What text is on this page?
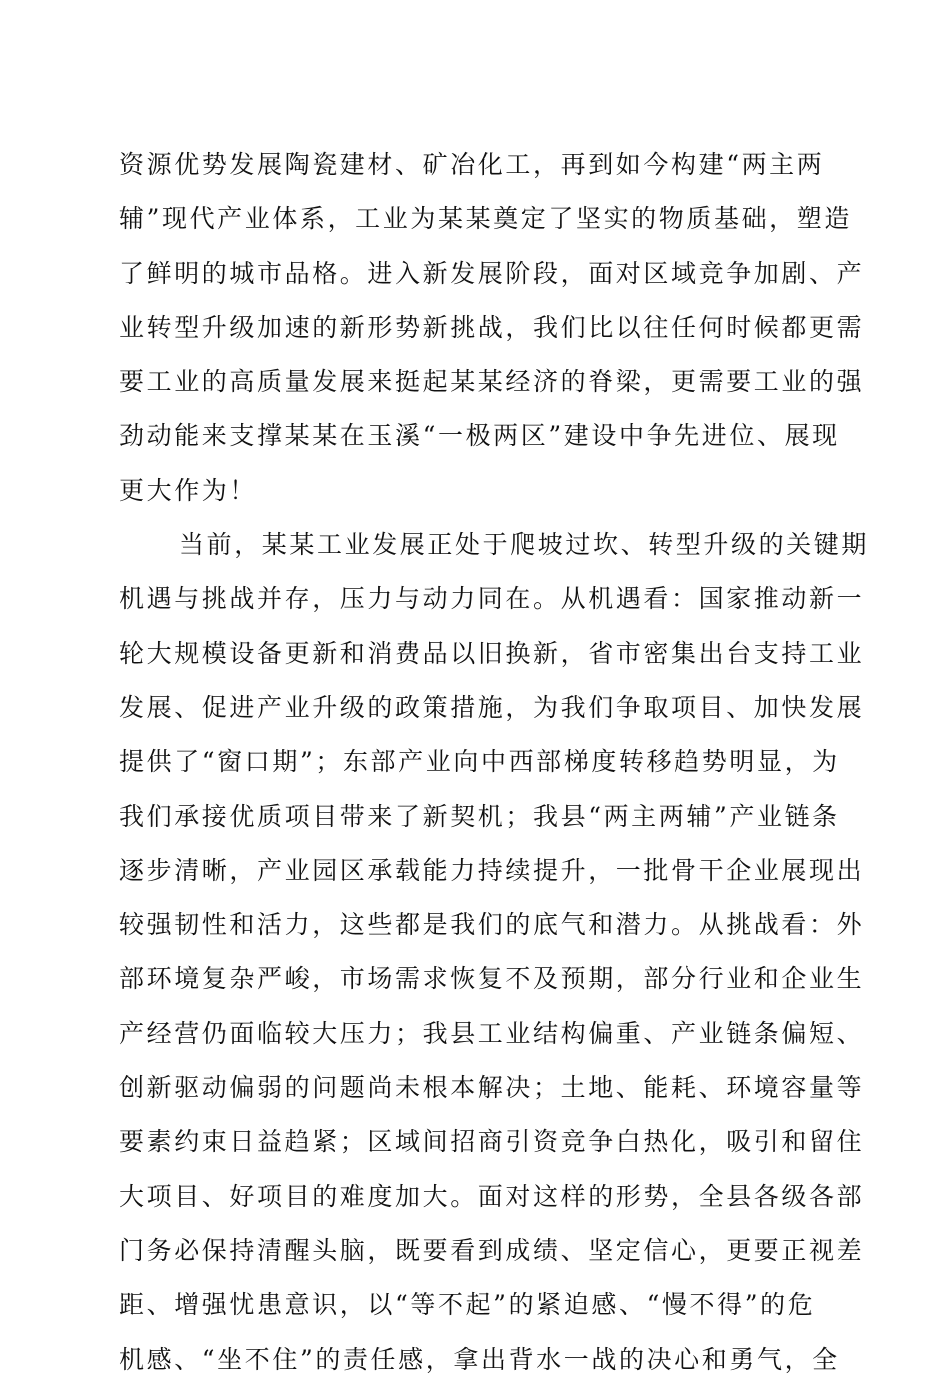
资源优势发展陶瓷建材、矿冶化工，再到如今构建“两主两
辅”现代产业体系，工业为某某奠定了坚实的物质基础，塑造
了鲜明的城市品格。进入新发展阶段，面对区域竞争加剧、产
业转型升级加速的新形势新挑战，我们比以往任何时候都更需
要工业的高质量发展来挺起某某经济的脊梁，更需要工业的强
劲动能来支撑某某在玉溪“一极两区”建设中争先进位、展现
更大作为！
当前，某某工业发展正处于爬坡过坎、转型升级的关键期
机遇与挑战并存，压力与动力同在。从机遇看：国家推动新一
轮大规模设备更新和消费品以旧换新，省市密集出台支持工业
发展、促进产业升级的政策措施，为我们争取项目、加快发展
提供了“窗口期”；东部产业向中西部梯度转移趋势明显，为
我们承接优质项目带来了新契机；我县“两主两辅”产业链条
逐步清晰，产业园区承载能力持续提升，一批骨干企业展现出
较强韧性和活力，这些都是我们的底气和潜力。从挑战看：外
部环境复杂严峻，市场需求恢复不及预期，部分行业和企业生
产经营仍面临较大压力；我县工业结构偏重、产业链条偏短、
创新驱动偏弱的问题尚未根本解决；土地、能耗、环境容量等
要素约束日益趋紧；区域间招商引资竞争白热化，吸引和留住
大项目、好项目的难度加大。面对这样的形势，全县各级各部
门务必保持清醒头脑，既要看到成绩、坚定信心，更要正视差
距、增强忧患意识，以“等不起”的紧迫感、“慢不得”的危
机感、“坐不住”的责任感，拿出背水一战的决心和勇气，全
